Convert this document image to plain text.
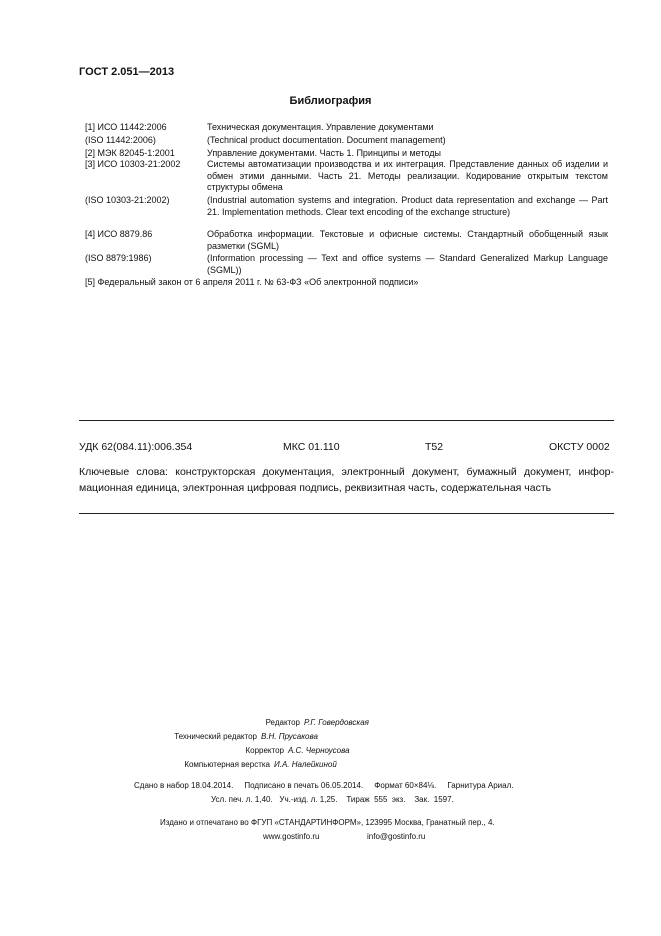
ГОСТ 2.051—2013
Библиография
[1] ИСО 11442:2006	Техническая документация. Управление документами
(ISO 11442:2006)	(Technical product documentation. Document management)
[2] МЭК 82045-1:2001	Управление документами. Часть 1. Принципы и методы
[3] ИСО 10303-21:2002	Системы автоматизации производства и их интеграция. Представление данных об изделии и обмен этими данными. Часть 21. Методы реализации. Кодирование открытым текстом структуры обмена
(ISO 10303-21:2002)	(Industrial automation systems and integration. Product data representation and exchange — Part 21. Implementation methods. Clear text encoding of the exchange structure)
[4] ИСО 8879.86	Обработка информации. Текстовые и офисные системы. Стандартный обобщенный язык разметки (SGML)
(ISO 8879:1986)	(Information processing — Text and office systems — Standard Generalized Markup Language (SGML))
[5] Федеральный закон от 6 апреля 2011 г. № 63-ФЗ «Об электронной подписи»
УДК 62(084.11):006.354	МКС 01.110	Т52	ОКСТУ 0002
Ключевые слова: конструкторская документация, электронный документ, бумажный документ, информационная единица, электронная цифровая подпись, реквизитная часть, содержательная часть
Редактор Р.Г. Говердовская
Технический редактор В.Н. Прусакова
Корректор А.С. Черноусова
Компьютерная верстка И.А. Налейкиной
Сдано в набор 18.04.2014.     Подписано в печать 06.05.2014.     Формат 60×84⅛.     Гарнитура Ариал.
Усл. печ. л. 1,40.   Уч.-изд. л. 1,25.    Тираж  555  экз.    Зак.  1597.
Издано и отпечатано во ФГУП «СТАНДАРТИНФОРМ», 123995 Москва, Гранатный пер., 4.
www.gostinfo.ru	info@gostinfo.ru
